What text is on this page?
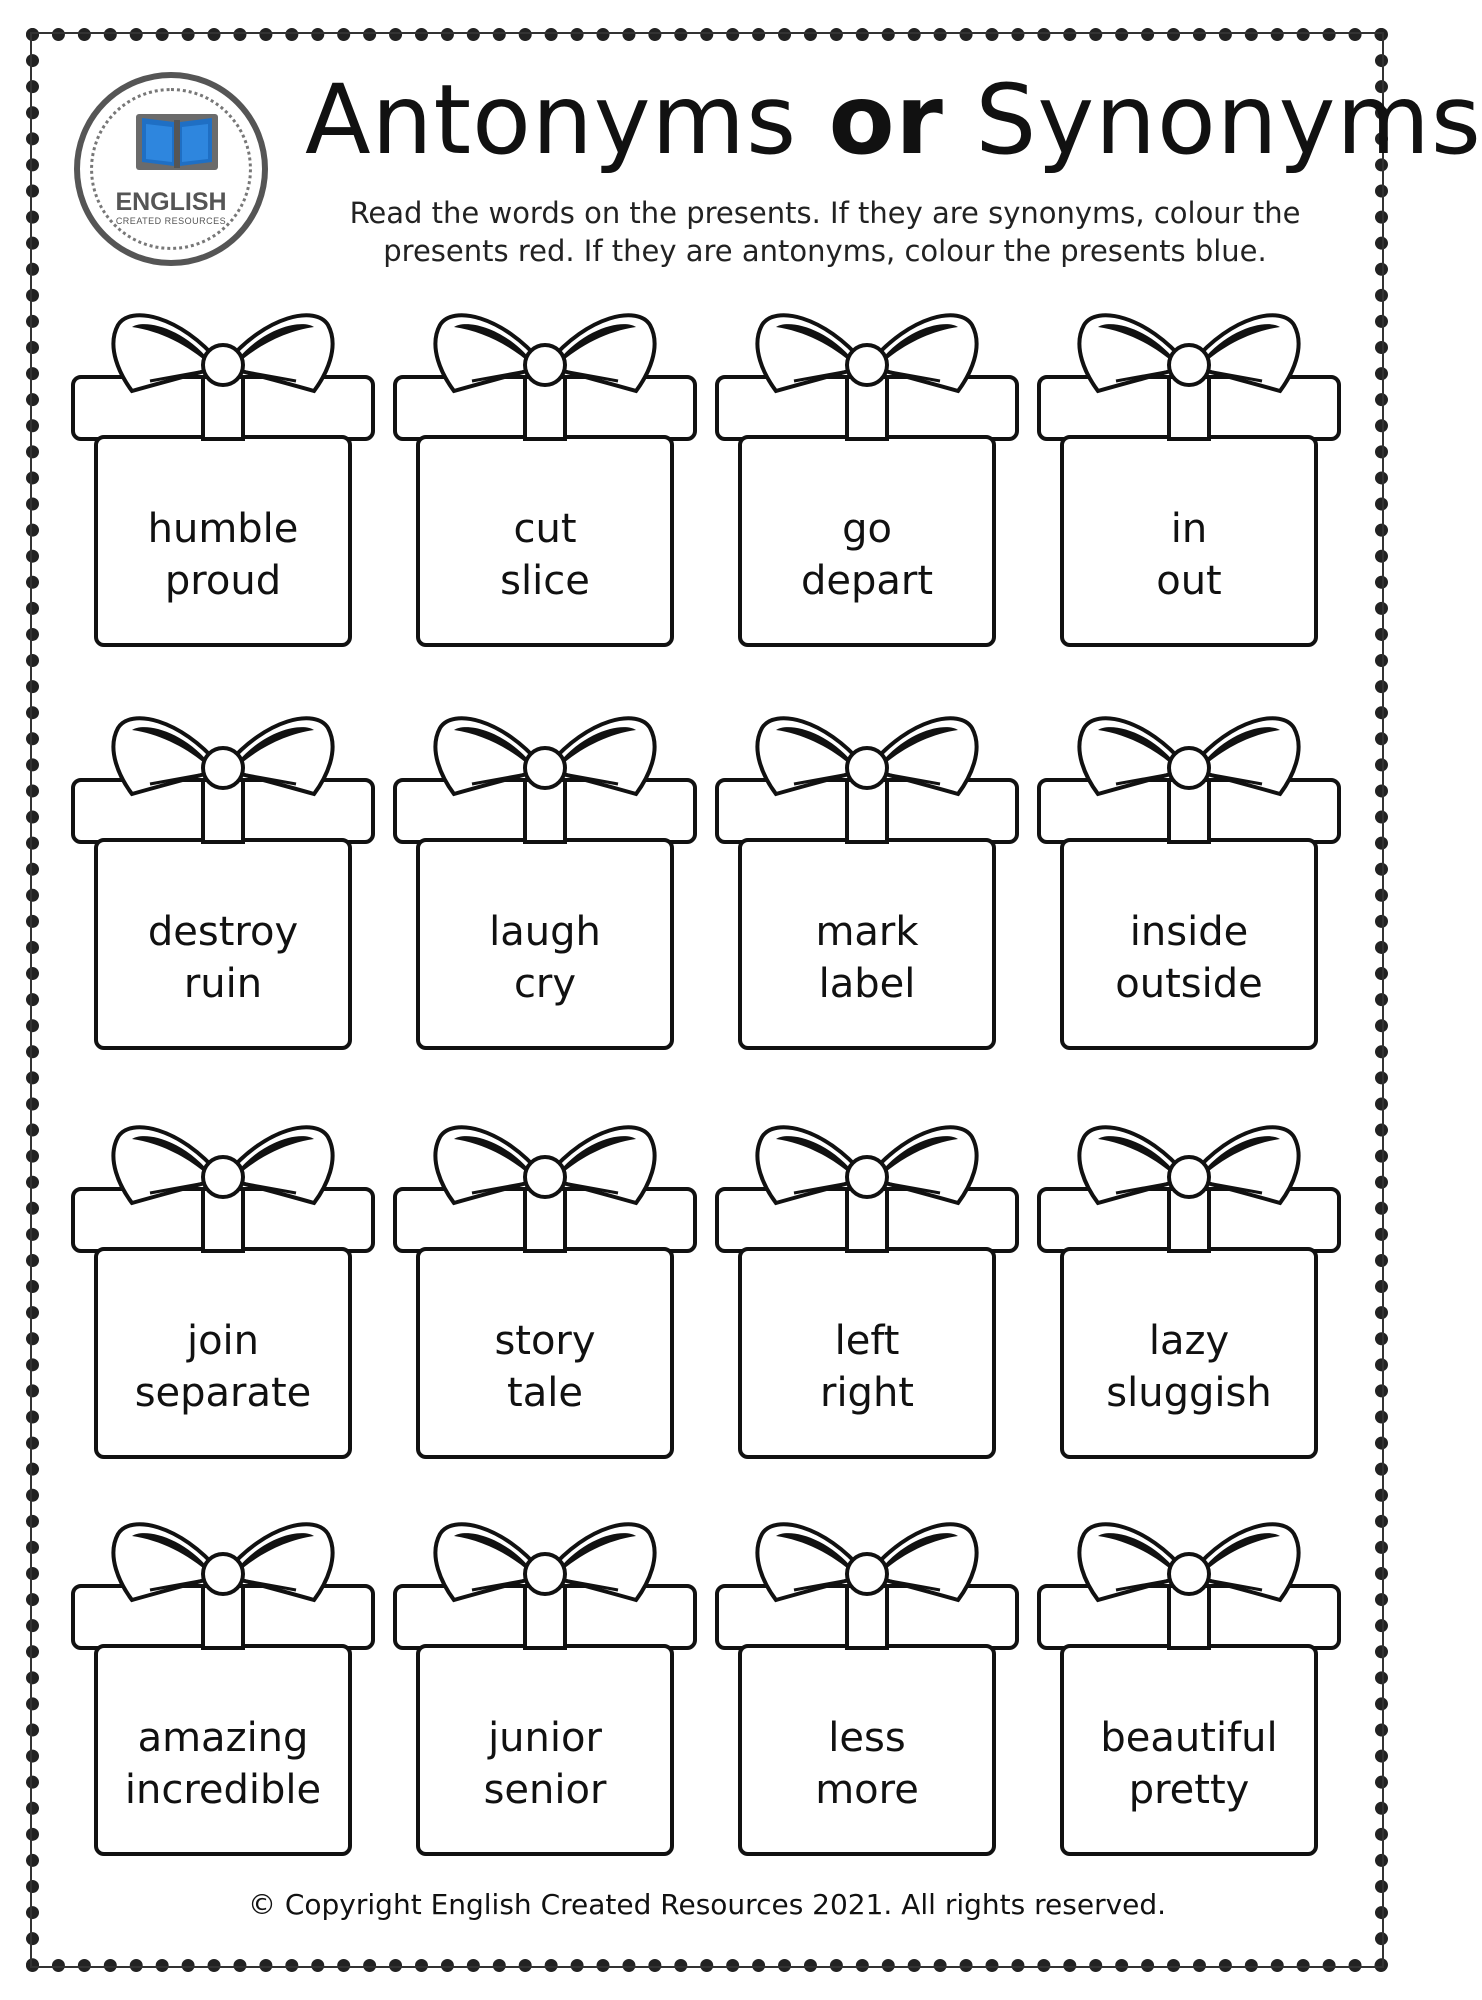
ENGLISH
CREATED RESOURCES
Antonyms or Synonyms
Read the words on the presents. If they are synonyms, colour the
presents red. If they are antonyms, colour the presents blue.
humble
proud
cut
slice
go
depart
in
out
destroy
ruin
laugh
cry
mark
label
inside
outside
join
separate
story
tale
left
right
lazy
sluggish
amazing
incredible
junior
senior
less
more
beautiful
pretty
© Copyright English Created Resources 2021. All rights reserved.
